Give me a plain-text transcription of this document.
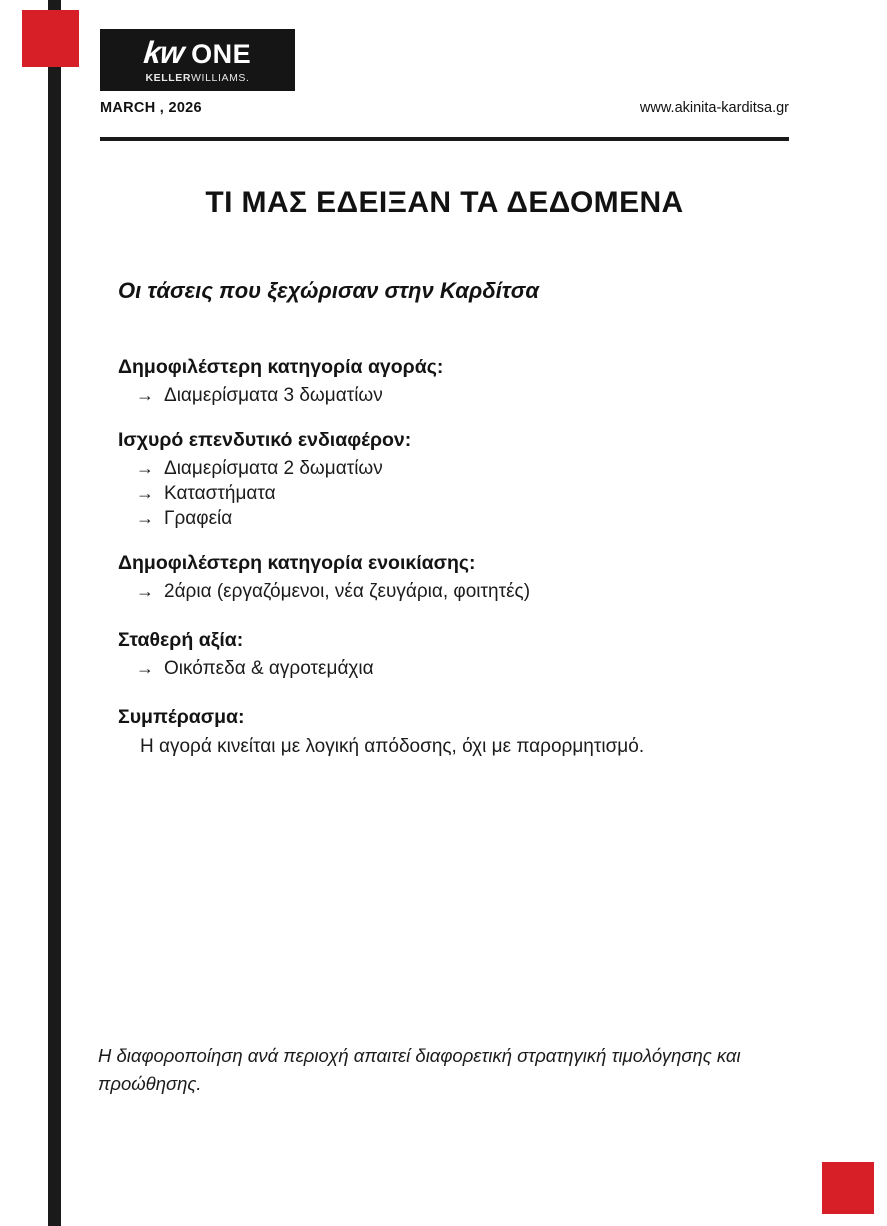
kw ONE
KELLERWILLIAMS.
MARCH , 2026	www.akinita-karditsa.gr
ΤΙ ΜΑΣ ΕΔΕΙΞΑΝ ΤΑ ΔΕΔΟΜΕΝΑ
Οι τάσεις που ξεχώρισαν στην Καρδίτσα

Δημοφιλέστερη κατηγορία αγοράς:

→ Διαμερίσματα 3 δωματίων

Ισχυρό επενδυτικό ενδιαφέρον:

→ Διαμερίσματα 2 δωματίων

→ Καταστήματα

→ Γραφεία

Δημοφιλέστερη κατηγορία ενοικίασης:

→ 2άρια (εργαζόμενοι, νέα ζευγάρια, φοιτητές)

Σταθερή αξία:

→ Οικόπεδα & αγροτεμάχια

Συμπέρασμα:

Η αγορά κινείται με λογική απόδοσης, όχι με παρορμητισμό.

Η διαφοροποίηση ανά περιοχή απαιτεί διαφορετική στρατηγική τιμολόγησης και προώθησης.
